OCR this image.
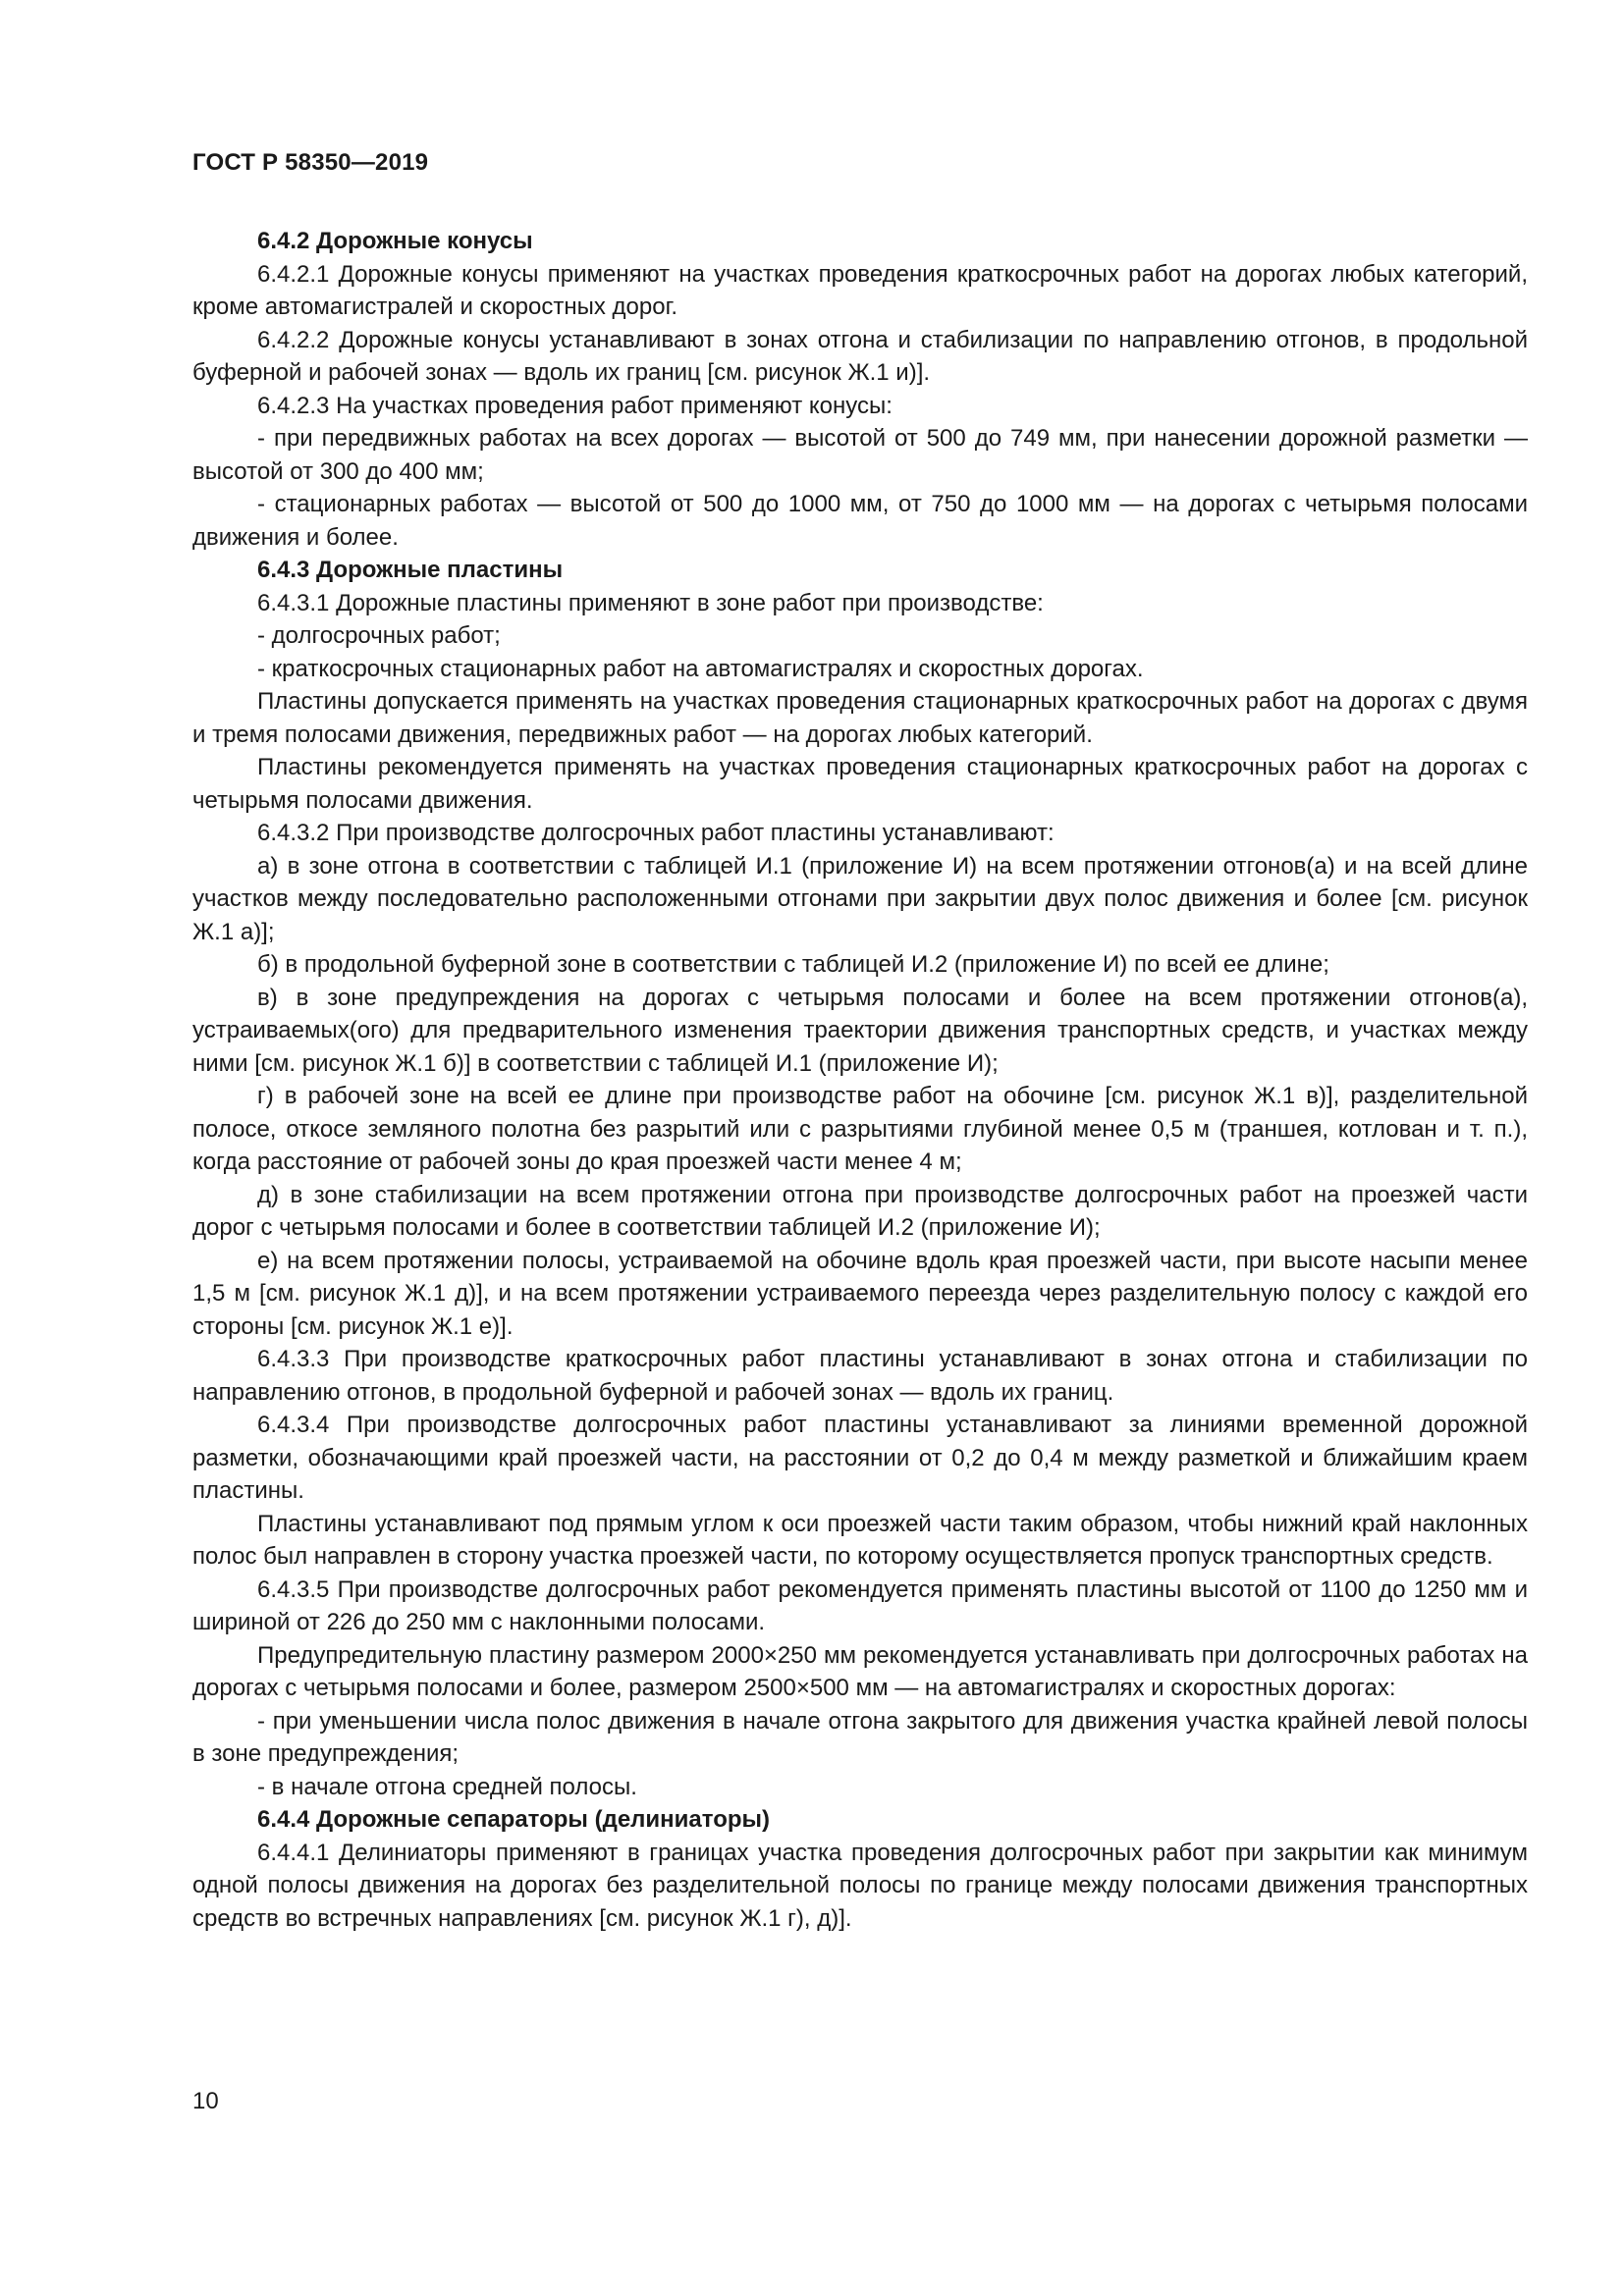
ГОСТ Р 58350—2019

6.4.2 Дорожные конусы

6.4.2.1 Дорожные конусы применяют на участках проведения краткосрочных работ на дорогах любых категорий, кроме автомагистралей и скоростных дорог.

6.4.2.2 Дорожные конусы устанавливают в зонах отгона и стабилизации по направлению отгонов, в продольной буферной и рабочей зонах — вдоль их границ [см. рисунок Ж.1 и)].

6.4.2.3 На участках проведения работ применяют конусы:

- при передвижных работах на всех дорогах — высотой от 500 до 749 мм, при нанесении дорожной разметки — высотой от 300 до 400 мм;

- стационарных работах — высотой от 500 до 1000 мм, от 750 до 1000 мм — на дорогах с четырьмя полосами движения и более.

6.4.3 Дорожные пластины

6.4.3.1 Дорожные пластины применяют в зоне работ при производстве:

- долгосрочных работ;

- краткосрочных стационарных работ на автомагистралях и скоростных дорогах.

Пластины допускается применять на участках проведения стационарных краткосрочных работ на дорогах с двумя и тремя полосами движения, передвижных работ — на дорогах любых категорий.

Пластины рекомендуется применять на участках проведения стационарных краткосрочных работ на дорогах с четырьмя полосами движения.

6.4.3.2 При производстве долгосрочных работ пластины устанавливают:

а) в зоне отгона в соответствии с таблицей И.1 (приложение И) на всем протяжении отгонов(а) и на всей длине участков между последовательно расположенными отгонами при закрытии двух полос движения и более [см. рисунок Ж.1 а)];

б) в продольной буферной зоне в соответствии с таблицей И.2 (приложение И) по всей ее длине;

в) в зоне предупреждения на дорогах с четырьмя полосами и более на всем протяжении отгонов(а), устраиваемых(ого) для предварительного изменения траектории движения транспортных средств, и участках между ними [см. рисунок Ж.1 б)] в соответствии с таблицей И.1 (приложение И);

г) в рабочей зоне на всей ее длине при производстве работ на обочине [см. рисунок Ж.1 в)], разделительной полосе, откосе земляного полотна без разрытий или с разрытиями глубиной менее 0,5 м (траншея, котлован и т. п.), когда расстояние от рабочей зоны до края проезжей части менее 4 м;

д) в зоне стабилизации на всем протяжении отгона при производстве долгосрочных работ на проезжей части дорог с четырьмя полосами и более в соответствии таблицей И.2 (приложение И);

е) на всем протяжении полосы, устраиваемой на обочине вдоль края проезжей части, при высоте насыпи менее 1,5 м [см. рисунок Ж.1 д)], и на всем протяжении устраиваемого переезда через разделительную полосу с каждой его стороны [см. рисунок Ж.1 е)].

6.4.3.3 При производстве краткосрочных работ пластины устанавливают в зонах отгона и стабилизации по направлению отгонов, в продольной буферной и рабочей зонах — вдоль их границ.

6.4.3.4 При производстве долгосрочных работ пластины устанавливают за линиями временной дорожной разметки, обозначающими край проезжей части, на расстоянии от 0,2 до 0,4 м между разметкой и ближайшим краем пластины.

Пластины устанавливают под прямым углом к оси проезжей части таким образом, чтобы нижний край наклонных полос был направлен в сторону участка проезжей части, по которому осуществляется пропуск транспортных средств.

6.4.3.5 При производстве долгосрочных работ рекомендуется применять пластины высотой от 1100 до 1250 мм и шириной от 226 до 250 мм с наклонными полосами.

Предупредительную пластину размером 2000×250 мм рекомендуется устанавливать при долгосрочных работах на дорогах с четырьмя полосами и более, размером 2500×500 мм — на автомагистралях и скоростных дорогах:

- при уменьшении числа полос движения в начале отгона закрытого для движения участка крайней левой полосы в зоне предупреждения;

- в начале отгона средней полосы.

6.4.4 Дорожные сепараторы (делиниаторы)

6.4.4.1 Делиниаторы применяют в границах участка проведения долгосрочных работ при закрытии как минимум одной полосы движения на дорогах без разделительной полосы по границе между полосами движения транспортных средств во встречных направлениях [см. рисунок Ж.1 г), д)].

10
